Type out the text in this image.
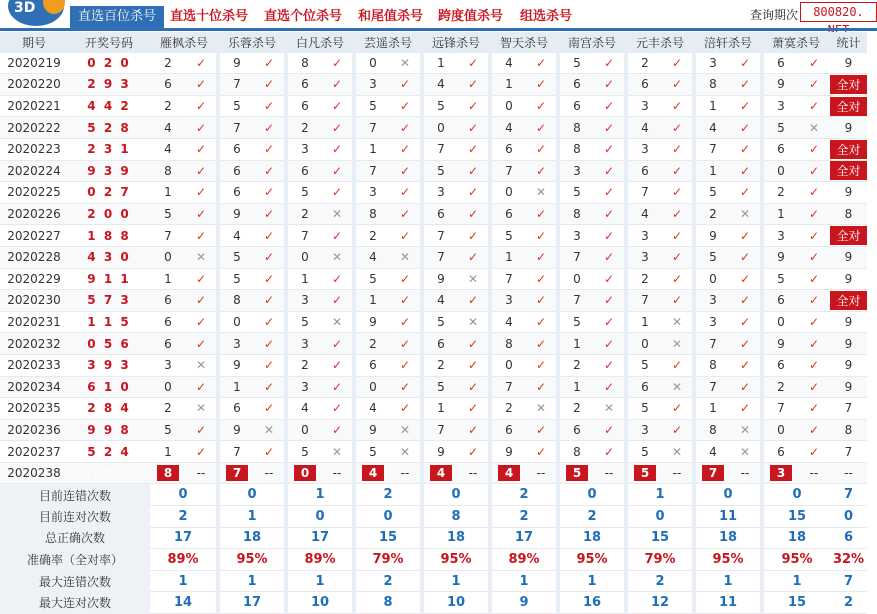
3D
直选百位杀号	直选十位杀号 直选个位杀号 和尾值杀号 跨度值杀号 组选杀号	查询期次	800820.
期号	开奖号码	雁枫杀号		乐蓉杀号		白凡杀号		芸遥杀号		远锋杀号		智天杀号		南宫杀号		元丰杀号		涪轩杀号		萧寞杀号		统计
2020219	0 2 0	2	✓	9	✓	8	✓	0	✕	1	✓	4	✓	5	✓	2	✓	3	✓	6	✓	9
2020220	2 9 3	6	✓	7	✓	6	✓	3	✓	4	✓	1	✓	6	✓	6	✓	8	✓	9	✓	全对
2020221	4 4 2	2	✓	5	✓	6	✓	5	✓	5	✓	0	✓	6	✓	3	✓	1	✓	3	✓	全对
2020222	5 2 8	4	✓	7	✓	2	✓	7	✓	0	✓	4	✓	8	✓	4	✓	4	✓	5	✕	9
2020223	2 3 1	4	✓	6	✓	3	✓	1	✓	7	✓	6	✓	8	✓	3	✓	7	✓	6	✓	全对
2020224	9 3 9	8	✓	6	✓	6	✓	7	✓	5	✓	7	✓	3	✓	6	✓	1	✓	0	✓	全对
2020225	0 2 7	1	✓	6	✓	5	✓	3	✓	3	✓	0	✕	5	✓	7	✓	5	✓	2	✓	9
2020226	2 0 0	5	✓	9	✓	2	✕	8	✓	6	✓	6	✓	8	✓	4	✓	2	✕	1	✓	8
2020227	1 8 8	7	✓	4	✓	7	✓	2	✓	7	✓	5	✓	3	✓	3	✓	9	✓	3	✓	全对
2020228	4 3 0	0	✕	5	✓	0	✕	4	✕	7	✓	1	✓	7	✓	3	✓	5	✓	9	✓	9
2020229	9 1 1	1	✓	5	✓	1	✓	5	✓	9	✕	7	✓	0	✓	2	✓	0	✓	5	✓	9
2020230	5 7 3	6	✓	8	✓	3	✓	1	✓	4	✓	3	✓	7	✓	7	✓	3	✓	6	✓	全对
2020231	1 1 5	6	✓	0	✓	5	✕	9	✓	5	✕	4	✓	5	✓	1	✕	3	✓	0	✓	9
2020232	0 5 6	6	✓	3	✓	3	✓	2	✓	6	✓	8	✓	1	✓	0	✕	7	✓	9	✓	9
2020233	3 9 3	3	✕	9	✓	2	✓	6	✓	2	✓	0	✓	2	✓	5	✓	8	✓	6	✓	9
2020234	6 1 0	0	✓	1	✓	3	✓	0	✓	5	✓	7	✓	1	✓	6	✕	7	✓	2	✓	9
2020235	2 8 4	2	✕	6	✓	4	✓	4	✓	1	✓	2	✕	2	✕	5	✓	1	✓	7	✓	7
2020236	9 9 8	5	✓	9	✕	0	✓	9	✕	7	✓	6	✓	6	✓	3	✓	8	✕	0	✓	8
2020237	5 2 4	1	✓	7	✓	5	✕	5	✕	9	✓	9	✓	8	✓	5	✕	4	✕	6	✓	7
2020238	当前期杀号	8	--	7	--	0	--	4	--	4	--	4	--	5	--	5	--	7	--	3	--	--
目前连错次数		0		0		1		2		0		2		0		1		0		0		7
目前连对次数		2		1		0		0		8		2		2		0		11		15		0
总正确次数		17		18		17		15		18		17		18		15		18		18		6
准确率（全对率）		89%		95%		89%		79%		95%		89%		95%		79%		95%		95%		32%
最大连错次数		1		1		1		2		1		1		1		2		1		1		7
最大连对次数		14		17		10		8		10		9		16		12		11		15		2
